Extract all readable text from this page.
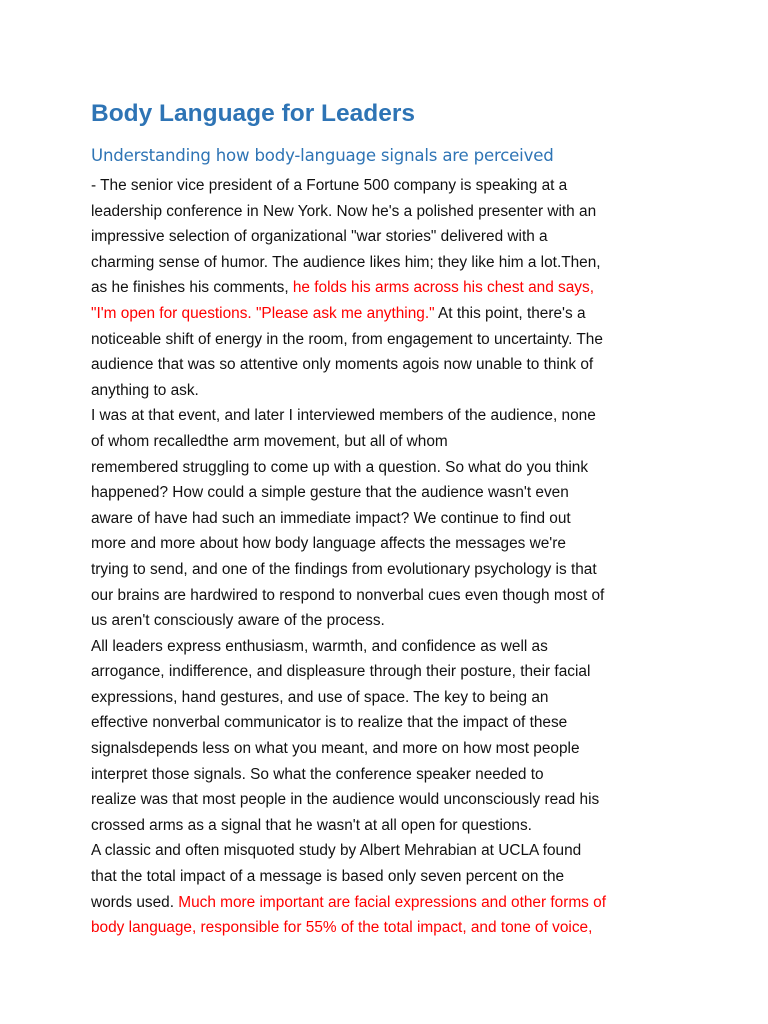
Body Language for Leaders
Understanding how body-language signals are perceived
- The senior vice president of a Fortune 500 company is speaking at a
leadership conference in New York. Now he's a polished presenter with an
impressive selection of organizational "war stories" delivered with a
charming sense of humor. The audience likes him; they like him a lot.Then,
as he finishes his comments, he folds his arms across his chest and says,
"I'm open for questions. "Please ask me anything." At this point, there's a
noticeable shift of energy in the room, from engagement to uncertainty. The
audience that was so attentive only moments agois now unable to think of
anything to ask.
I was at that event, and later I interviewed members of the audience, none
of whom recalledthe arm movement, but all of whom
remembered struggling to come up with a question. So what do you think
happened? How could a simple gesture that the audience wasn't even
aware of have had such an immediate impact? We continue to find out
more and more about how body language affects the messages we're
trying to send, and one of the findings from evolutionary psychology is that
our brains are hardwired to respond to nonverbal cues even though most of
us aren't consciously aware of the process.
All leaders express enthusiasm, warmth, and confidence as well as
arrogance, indifference, and displeasure through their posture, their facial
expressions, hand gestures, and use of space. The key to being an
effective nonverbal communicator is to realize that the impact of these
signalsdepends less on what you meant, and more on how most people
interpret those signals. So what the conference speaker needed to
realize was that most people in the audience would unconsciously read his
crossed arms as a signal that he wasn't at all open for questions.
A classic and often misquoted study by Albert Mehrabian at UCLA found
that the total impact of a message is based only seven percent on the
words used. Much more important are facial expressions and other forms of
body language, responsible for 55% of the total impact, and tone of voice,
